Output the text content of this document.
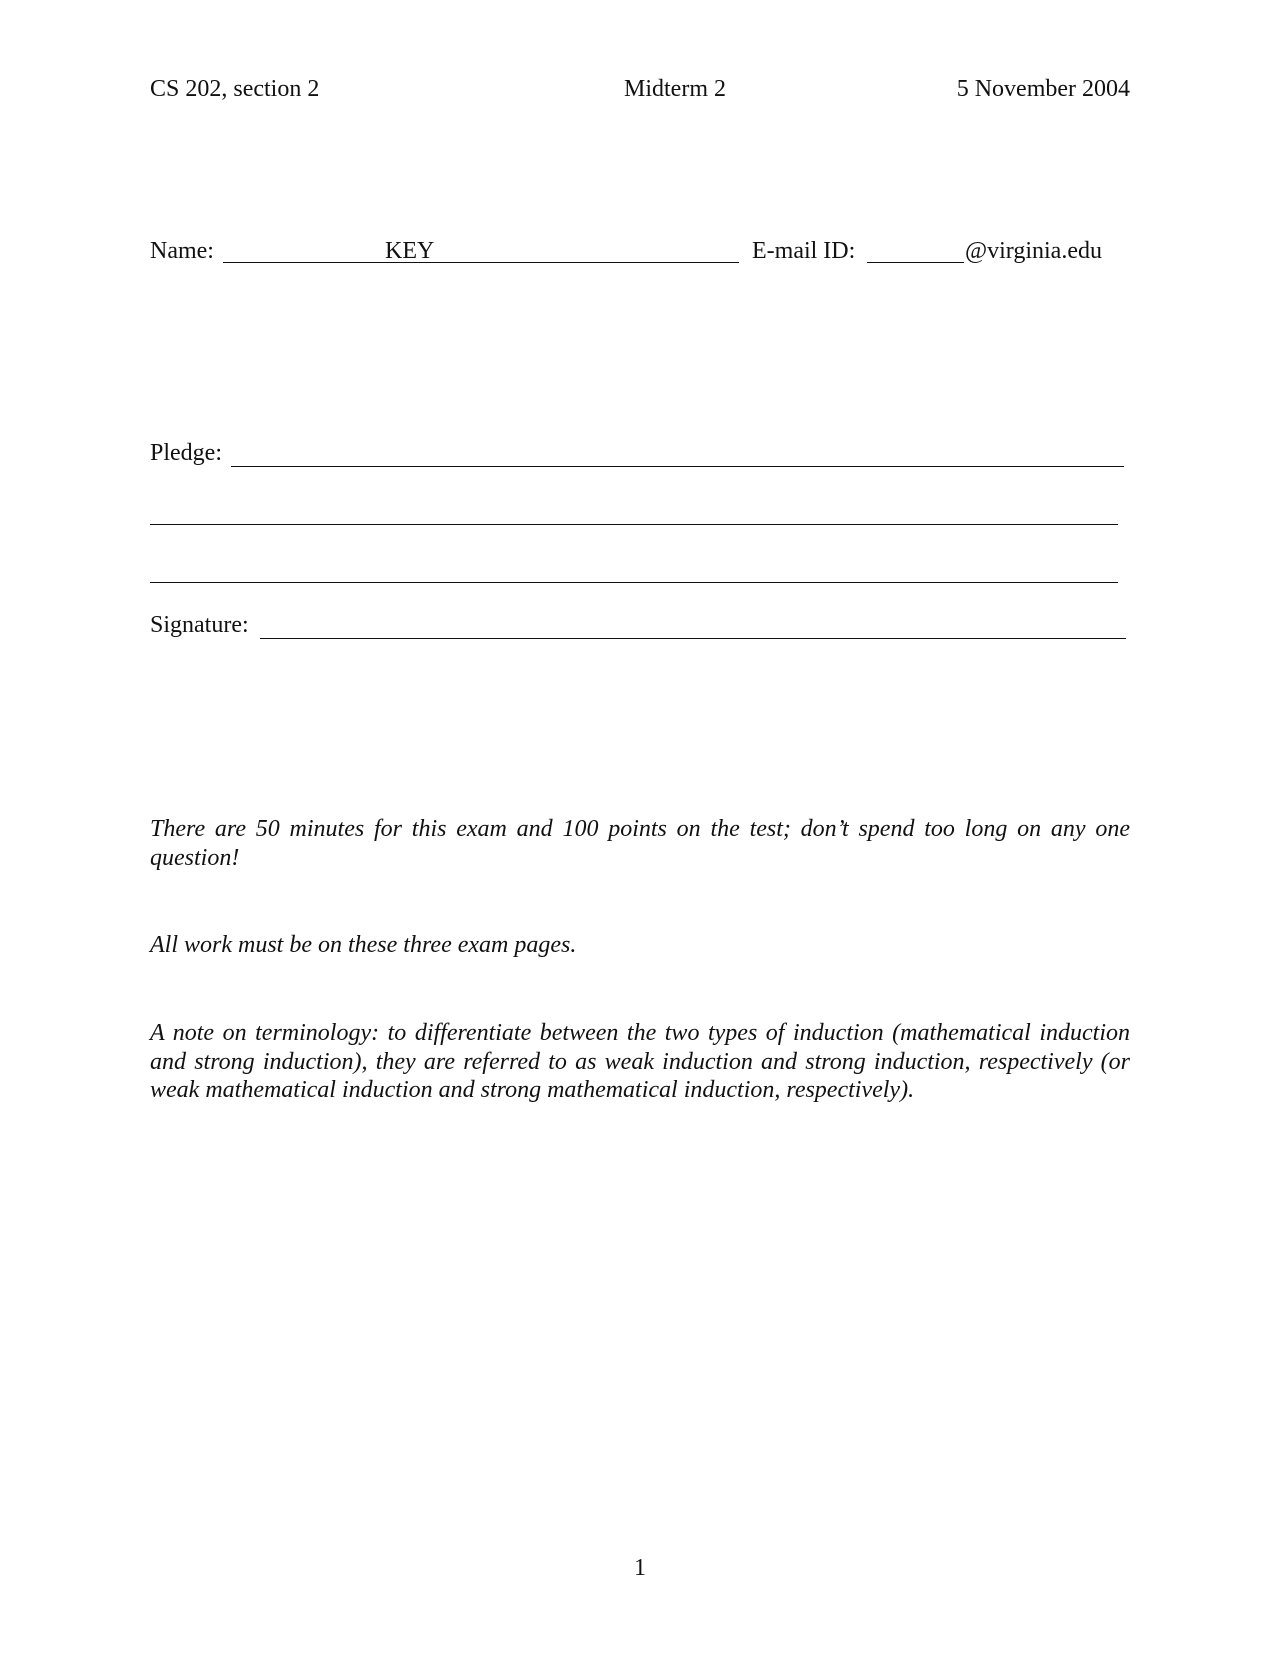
CS 202, section 2	Midterm 2	5 November 2004
Name:	KEY	E-mail ID:	@virginia.edu
Pledge:
Signature:
There are 50 minutes for this exam and 100 points on the test; don’t spend too long on any one question!
All work must be on these three exam pages.
A note on terminology: to differentiate between the two types of induction (mathematical induction and strong induction), they are referred to as weak induction and strong induction, respectively (or weak mathematical induction and strong mathematical induction, respectively).
1
